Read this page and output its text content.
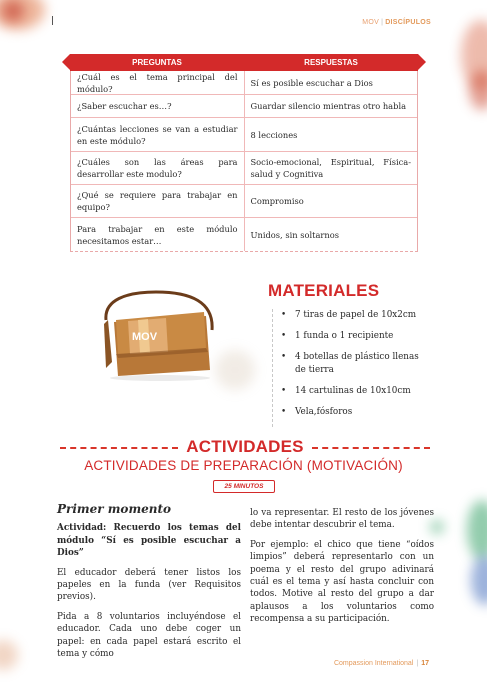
MOV | DISCÍPULOS
PREGUNTAS	RESPUESTAS
¿Cuál es el tema principal del módulo?
Sí es posible escuchar a Dios
¿Saber escuchar es…?	Guardar silencio mientras otro habla
¿Cuántas lecciones se van a estudiar en este módulo?
8 lecciones
¿Cuáles son las áreas para desarrollar este modulo?
Socio-emocional, Espiritual, Física-salud y Cognitiva
¿Qué se requiere para trabajar en equipo?
Compromiso
Para trabajar en este módulo necesitamos estar…
Unidos, sin soltarnos
MOV
MATERIALES
• 7 tiras de papel de 10x2cm
• 1 funda o 1 recipiente
• 4 botellas de plástico llenas de tierra
• 14 cartulinas de 10x10cm
• Vela,fósforos
ACTIVIDADES
ACTIVIDADES DE PREPARACIÓN (MOTIVACIÓN)
25 MINUTOS
Primer momento
Actividad: Recuerdo los temas del módulo “Sí es posible escuchar a Dios”
El educador deberá tener listos los papeles en la funda (ver Requisitos previos).
Pida a 8 voluntarios incluyéndose el educador. Cada uno debe coger un papel: en cada papel estará escrito el tema y cómo
lo va representar. El resto de los jóvenes debe intentar descubrir el tema.
Por ejemplo: el chico que tiene “oídos limpios” deberá representarlo con un poema y el resto del grupo adivinará cuál es el tema y así hasta concluir con todos. Motive al resto del grupo a dar aplausos a los voluntarios como recompensa a su participación.
Compassion International | 17
